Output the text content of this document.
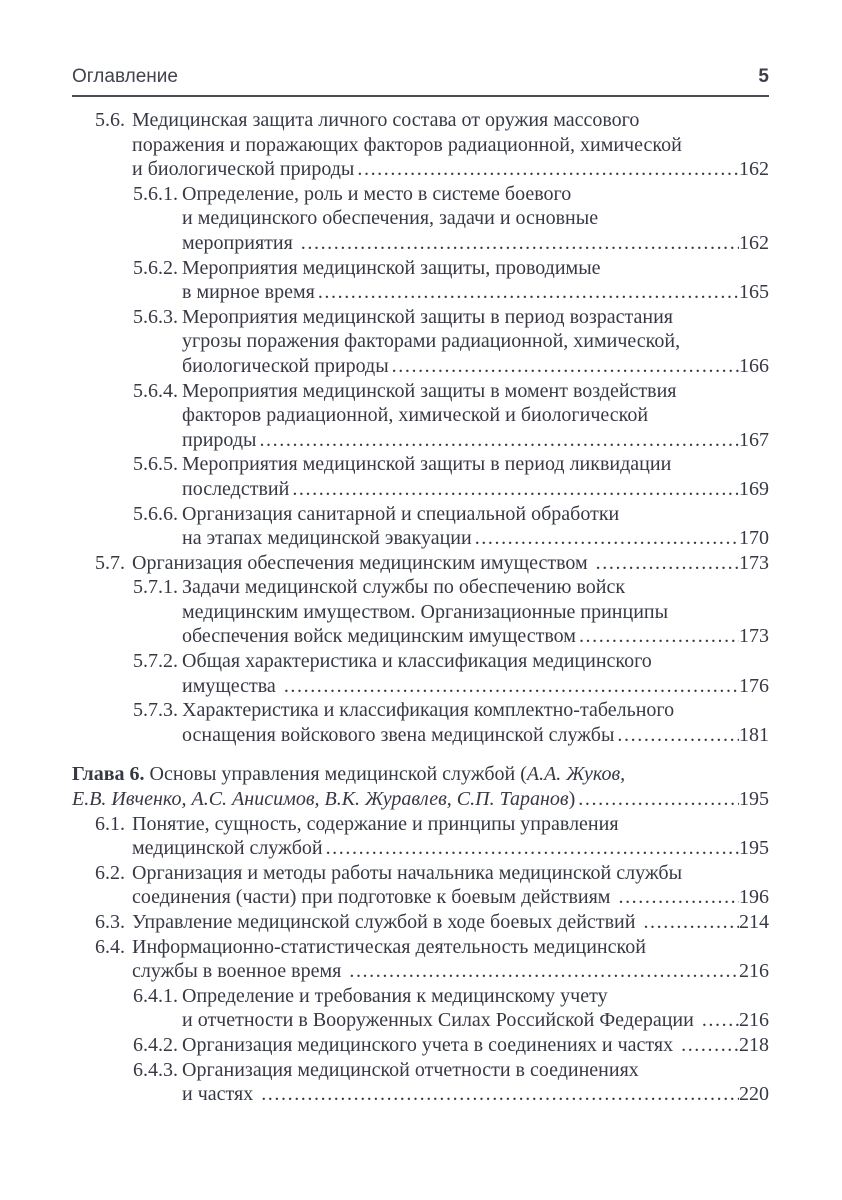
Оглавление	5
5.6. Медицинская защита личного состава от оружия массового
поражения и поражающих факторов радиационной, химической
и биологической природы .....	162
5.6.1. Определение, роль и место в системе боевого
и медицинского обеспечения, задачи и основные
мероприятия .....	162
5.6.2. Мероприятия медицинской защиты, проводимые
в мирное время .....	165
5.6.3. Мероприятия медицинской защиты в период возрастания
угрозы поражения факторами радиационной, химической,
биологической природы .....	166
5.6.4. Мероприятия медицинской защиты в момент воздействия
факторов радиационной, химической и биологической
природы .....	167
5.6.5. Мероприятия медицинской защиты в период ликвидации
последствий .....	169
5.6.6. Организация санитарной и специальной обработки
на этапах медицинской эвакуации .....	170
5.7. Организация обеспечения медицинским имуществом .....	173
5.7.1. Задачи медицинской службы по обеспечению войск
медицинским имуществом. Организационные принципы
обеспечения войск медицинским имуществом .....	173
5.7.2. Общая характеристика и классификация медицинского
имущества .....	176
5.7.3. Характеристика и классификация комплектно-табельного
оснащения войскового звена медицинской службы .....	181
Глава 6. Основы управления медицинской службой (А.А. Жуков,
Е.В. Ивченко, А.С. Анисимов, В.К. Журавлев, С.П. Таранов) .....	195
6.1. Понятие, сущность, содержание и принципы управления
медицинской службой .....	195
6.2. Организация и методы работы начальника медицинской службы
соединения (части) при подготовке к боевым действиям .....	196
6.3. Управление медицинской службой в ходе боевых действий .....	214
6.4. Информационно-статистическая деятельность медицинской
службы в военное время .....	216
6.4.1. Определение и требования к медицинскому учету
и отчетности в Вооруженных Силах Российской Федерации ..... 216
6.4.2. Организация медицинского учета в соединениях и частях .....	218
6.4.3. Организация медицинской отчетности в соединениях
и частях .....	220
